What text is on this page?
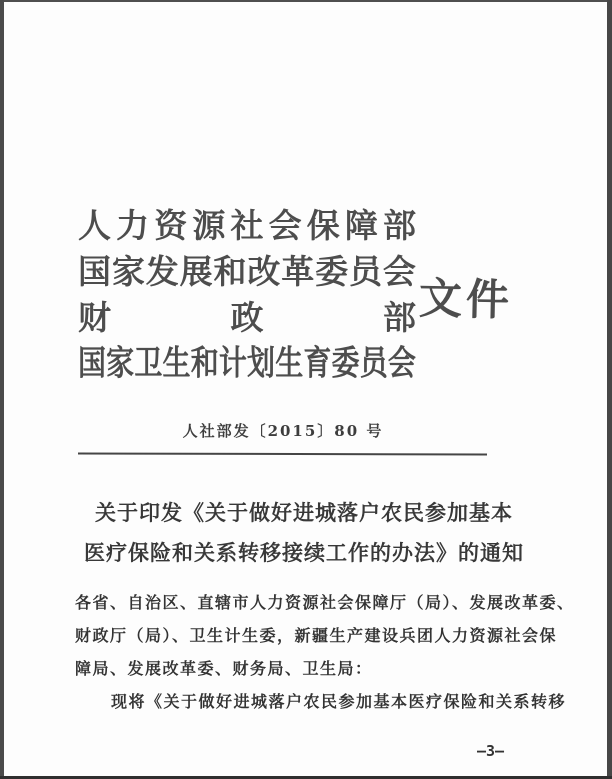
人 力 资 源 社 会 保 障 部
国 家 发 展 和 改 革 委 员 会
财	政	部
国 家 卫 生 和 计 划 生 育 委 员 会
文件
人社部发〔2015〕80 号
关于印发《关于做好进城落户农民参加基本
医疗保险和关系转移接续工作的办法》的通知
各省、自治区、直辖市人力资源社会保障厅（局）、发展改革委、
财政厅（局）、卫生计生委，新疆生产建设兵团人力资源社会保
障局、发展改革委、财务局、卫生局：
现将《关于做好进城落户农民参加基本医疗保险和关系转移
—3—
